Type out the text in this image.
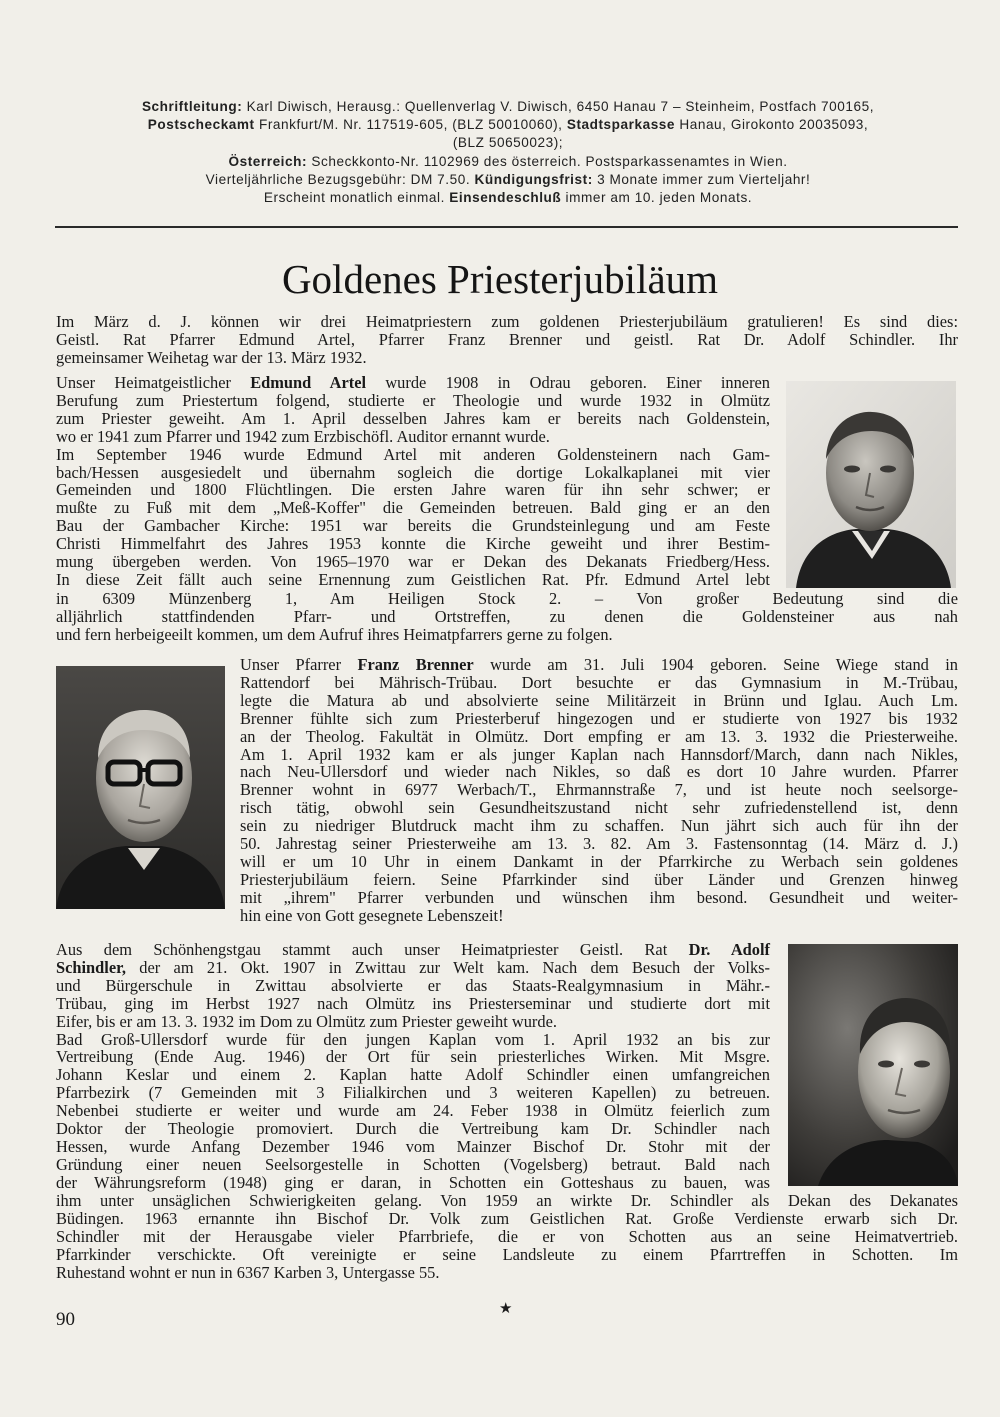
Schriftleitung: Karl Diwisch, Herausg.: Quellenverlag V. Diwisch, 6450 Hanau 7 – Steinheim, Postfach 700165,
Postscheckamt Frankfurt/M. Nr. 117519-605, (BLZ 50010060), Stadtsparkasse Hanau, Girokonto 20035093,
(BLZ 50650023);
Österreich: Scheckkonto-Nr. 1102969 des österreich. Postsparkassenamtes in Wien.
Vierteljährliche Bezugsgebühr: DM 7.50. Kündigungsfrist: 3 Monate immer zum Vierteljahr!
Erscheint monatlich einmal. Einsendeschluß immer am 10. jeden Monats.
Goldenes Priesterjubiläum
Im März d. J. können wir drei Heimatpriestern zum goldenen Priesterjubiläum gratulieren! Es sind dies:
Geistl. Rat Pfarrer Edmund Artel, Pfarrer Franz Brenner und geistl. Rat Dr. Adolf Schindler. Ihr
gemeinsamer Weihetag war der 13. März 1932.
Unser Heimatgeistlicher Edmund Artel wurde 1908 in Odrau geboren. Einer inneren
Berufung zum Priestertum folgend, studierte er Theologie und wurde 1932 in Olmütz
zum Priester geweiht. Am 1. April desselben Jahres kam er bereits nach Goldenstein,
wo er 1941 zum Pfarrer und 1942 zum Erzbischöfl. Auditor ernannt wurde.
Im September 1946 wurde Edmund Artel mit anderen Goldensteinern nach Gam-
bach/Hessen ausgesiedelt und übernahm sogleich die dortige Lokalkaplanei mit vier
Gemeinden und 1800 Flüchtlingen. Die ersten Jahre waren für ihn sehr schwer; er
mußte zu Fuß mit dem „Meß-Koffer" die Gemeinden betreuen. Bald ging er an den
Bau der Gambacher Kirche: 1951 war bereits die Grundsteinlegung und am Feste
Christi Himmelfahrt des Jahres 1953 konnte die Kirche geweiht und ihrer Bestim-
mung übergeben werden. Von 1965–1970 war er Dekan des Dekanats Friedberg/Hess.
In diese Zeit fällt auch seine Ernennung zum Geistlichen Rat. Pfr. Edmund Artel lebt
in 6309 Münzenberg 1, Am Heiligen Stock 2. – Von großer Bedeutung sind die
alljährlich stattfindenden Pfarr- und Ortstreffen, zu denen die Goldensteiner aus nah
und fern herbeigeeilt kommen, um dem Aufruf ihres Heimatpfarrers gerne zu folgen.
Unser Pfarrer Franz Brenner wurde am 31. Juli 1904 geboren. Seine Wiege stand in
Rattendorf bei Mährisch-Trübau. Dort besuchte er das Gymnasium in M.-Trübau,
legte die Matura ab und absolvierte seine Militärzeit in Brünn und Iglau. Auch Lm.
Brenner fühlte sich zum Priesterberuf hingezogen und er studierte von 1927 bis 1932
an der Theolog. Fakultät in Olmütz. Dort empfing er am 13. 3. 1932 die Priesterweihe.
Am 1. April 1932 kam er als junger Kaplan nach Hannsdorf/March, dann nach Nikles,
nach Neu-Ullersdorf und wieder nach Nikles, so daß es dort 10 Jahre wurden. Pfarrer
Brenner wohnt in 6977 Werbach/T., Ehrmannstraße 7, und ist heute noch seelsorge-
risch tätig, obwohl sein Gesundheitszustand nicht sehr zufriedenstellend ist, denn
sein zu niedriger Blutdruck macht ihm zu schaffen. Nun jährt sich auch für ihn der
50. Jahrestag seiner Priesterweihe am 13. 3. 82. Am 3. Fastensonntag (14. März d. J.)
will er um 10 Uhr in einem Dankamt in der Pfarrkirche zu Werbach sein goldenes
Priesterjubiläum feiern. Seine Pfarrkinder sind über Länder und Grenzen hinweg
mit „ihrem" Pfarrer verbunden und wünschen ihm besond. Gesundheit und weiter-
hin eine von Gott gesegnete Lebenszeit!
Aus dem Schönhengstgau stammt auch unser Heimatpriester Geistl. Rat Dr. Adolf
Schindler, der am 21. Okt. 1907 in Zwittau zur Welt kam. Nach dem Besuch der Volks-
und Bürgerschule in Zwittau absolvierte er das Staats-Realgymnasium in Mähr.-
Trübau, ging im Herbst 1927 nach Olmütz ins Priesterseminar und studierte dort mit
Eifer, bis er am 13. 3. 1932 im Dom zu Olmütz zum Priester geweiht wurde.
Bad Groß-Ullersdorf wurde für den jungen Kaplan vom 1. April 1932 an bis zur
Vertreibung (Ende Aug. 1946) der Ort für sein priesterliches Wirken. Mit Msgre.
Johann Keslar und einem 2. Kaplan hatte Adolf Schindler einen umfangreichen
Pfarrbezirk (7 Gemeinden mit 3 Filialkirchen und 3 weiteren Kapellen) zu betreuen.
Nebenbei studierte er weiter und wurde am 24. Feber 1938 in Olmütz feierlich zum
Doktor der Theologie promoviert. Durch die Vertreibung kam Dr. Schindler nach
Hessen, wurde Anfang Dezember 1946 vom Mainzer Bischof Dr. Stohr mit der
Gründung einer neuen Seelsorgestelle in Schotten (Vogelsberg) betraut. Bald nach
der Währungsreform (1948) ging er daran, in Schotten ein Gotteshaus zu bauen, was
ihm unter unsäglichen Schwierigkeiten gelang. Von 1959 an wirkte Dr. Schindler als Dekan des Dekanates
Büdingen. 1963 ernannte ihn Bischof Dr. Volk zum Geistlichen Rat. Große Verdienste erwarb sich Dr.
Schindler mit der Herausgabe vieler Pfarrbriefe, die er von Schotten aus an seine Heimatvertrieb.
Pfarrkinder verschickte. Oft vereinigte er seine Landsleute zu einem Pfarrtreffen in Schotten. Im
Ruhestand wohnt er nun in 6367 Karben 3, Untergasse 55.
90
★
